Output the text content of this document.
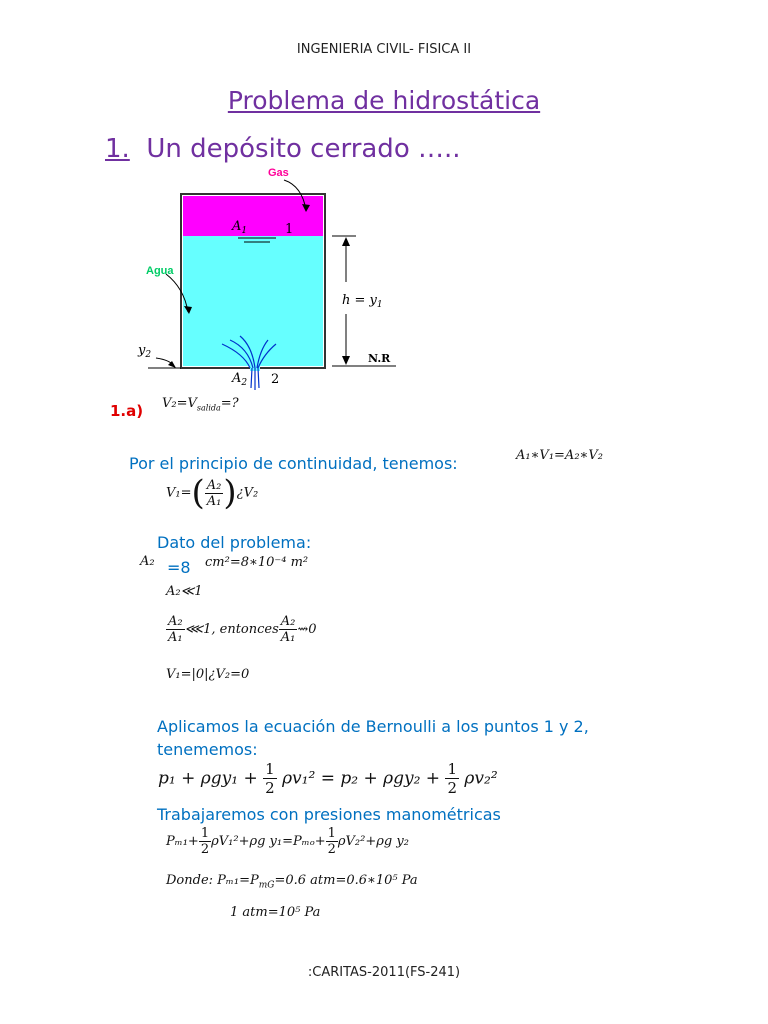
INGENIERIA CIVIL- FISICA II
Problema de hidrostática
1. Un depósito cerrado …..
Gas
Agua
$A_1$	1
$A_2$ 2
$h = y_1$
$y_2$	N.R
1.a) $V_2=V_{salida}=$?
Por el principio de continuidad, tenemos:	A₁∗V₁=A₂∗V₂
$V_1=( \frac{\text{A₂}}{\text{A₁}}$ )¿V₂
Dato del problema:
A₂ =8 cm²=8∗10⁻⁴ m²
A₂≪1
$\frac{\text{A₂}}{\text{A₁}}$ ⋘1, entonces $\frac{\text{A₂}}{\text{A₁}}$ ⇝0
V₁=|0|¿V₂=0
Aplicamos la ecuación de Bernoulli a los puntos 1 y 2,
tenememos:
$p_1 + \rho gy_1 + \frac{1}{2} \rho v_1^2 = p_2 + \rho gy_2 + \frac{1}{2} \rho v_2^2$
Trabajaremos con presiones manométricas
$P_{m1}+ \frac{1}{2} \rho V_1^2+\rho g$ $y_1=P_{mo}+ \frac{1}{2} \rho V_2^2+\rho g$ y₂
Donde: $P_{m1}=P_{mG}=0.6$ atm=0.6∗10⁵ Pa
1 atm=10⁵ Pa
:CARITAS-2011(FS-241)
